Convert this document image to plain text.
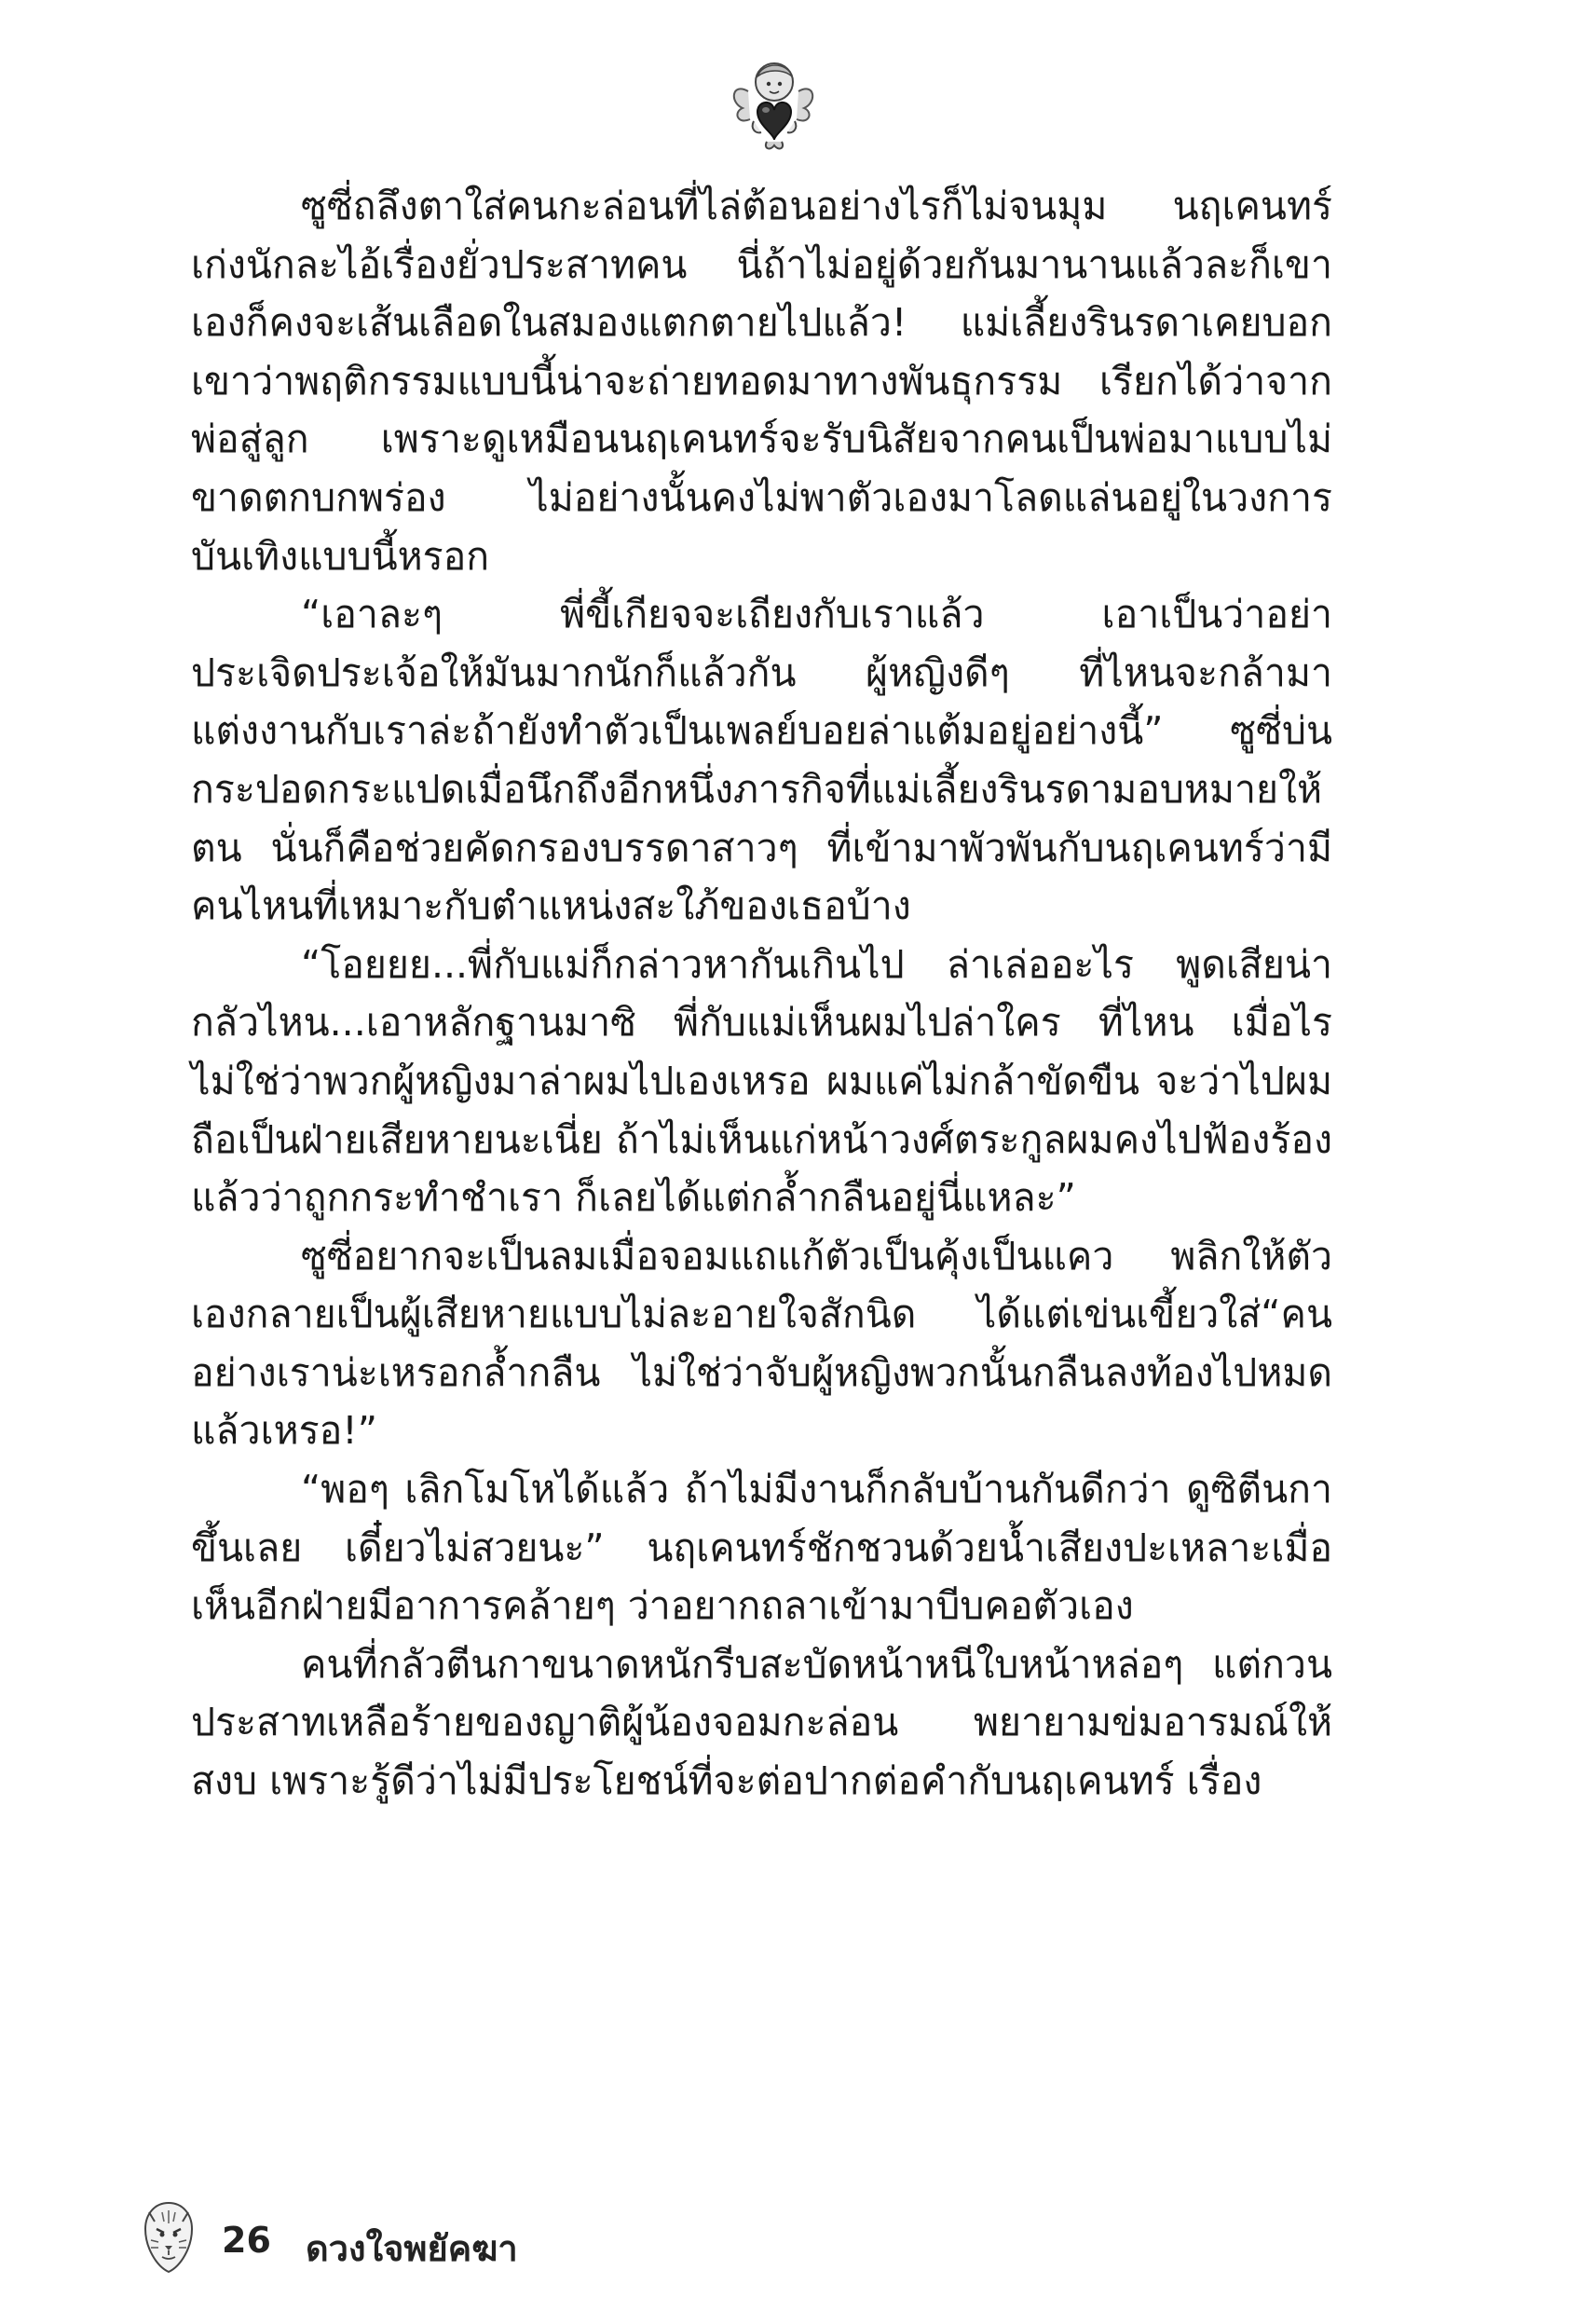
ซูซี่ถลึงตาใส่คนกะล่อนที่ไล่ต้อนอย่างไรก็ไม่จนมุม นฤเคนทร์เก่งนักละไอ้เรื่องยั่วประสาทคน นี่ถ้าไม่อยู่ด้วยกันมานานแล้วละก็เขาเองก็คงจะเส้นเลือดในสมองแตกตายไปแล้ว! แม่เลี้ยงรินรดาเคยบอกเขาว่าพฤติกรรมแบบนี้น่าจะถ่ายทอดมาทางพันธุกรรม เรียกได้ว่าจากพ่อสู่ลูก เพราะดูเหมือนนฤเคนทร์จะรับนิสัยจากคนเป็นพ่อมาแบบไม่ขาดตกบกพร่อง ไม่อย่างนั้นคงไม่พาตัวเองมาโลดแล่นอยู่ในวงการบันเทิงแบบนี้หรอก

“เอาละๆ พี่ขี้เกียจจะเถียงกับเราแล้ว เอาเป็นว่าอย่าประเจิดประเจ้อให้มันมากนักก็แล้วกัน ผู้หญิงดีๆ ที่ไหนจะกล้ามาแต่งงานกับเราล่ะถ้ายังทำตัวเป็นเพลย์บอยล่าแต้มอยู่อย่างนี้” ซูซี่บ่นกระปอดกระแปดเมื่อนึกถึงอีกหนึ่งภารกิจที่แม่เลี้ยงรินรดามอบหมายให้ตน นั่นก็คือช่วยคัดกรองบรรดาสาวๆ ที่เข้ามาพัวพันกับนฤเคนทร์ว่ามีคนไหนที่เหมาะกับตำแหน่งสะใภ้ของเธอบ้าง

“โอยยย...พี่กับแม่ก็กล่าวหากันเกินไป ล่าเล่ออะไร พูดเสียน่ากลัวไหน...เอาหลักฐานมาซิ พี่กับแม่เห็นผมไปล่าใคร ที่ไหน เมื่อไร ไม่ใช่ว่าพวกผู้หญิงมาล่าผมไปเองเหรอ ผมแค่ไม่กล้าขัดขืน จะว่าไปผมถือเป็นฝ่ายเสียหายนะเนี่ย ถ้าไม่เห็นแก่หน้าวงศ์ตระกูลผมคงไปฟ้องร้องแล้วว่าถูกกระทำชำเรา ก็เลยได้แต่กล้ำกลืนอยู่นี่แหละ”

ซูซี่อยากจะเป็นลมเมื่อจอมแถแก้ตัวเป็นคุ้งเป็นแคว พลิกให้ตัวเองกลายเป็นผู้เสียหายแบบไม่ละอายใจสักนิด ได้แต่เข่นเขี้ยวใส่“คนอย่างเราน่ะเหรอกล้ำกลืน ไม่ใช่ว่าจับผู้หญิงพวกนั้นกลืนลงท้องไปหมดแล้วเหรอ!”

“พอๆ เลิกโมโหได้แล้ว ถ้าไม่มีงานก็กลับบ้านกันดีกว่า ดูซิตีนกาขึ้นเลย เดี๋ยวไม่สวยนะ” นฤเคนทร์ชักชวนด้วยน้ำเสียงปะเหลาะเมื่อเห็นอีกฝ่ายมีอาการคล้ายๆ ว่าอยากถลาเข้ามาบีบคอตัวเอง

คนที่กลัวตีนกาขนาดหนักรีบสะบัดหน้าหนีใบหน้าหล่อๆ แต่กวนประสาทเหลือร้ายของญาติผู้น้องจอมกะล่อน พยายามข่มอารมณ์ให้สงบ เพราะรู้ดีว่าไม่มีประโยชน์ที่จะต่อปากต่อคำกับนฤเคนทร์ เรื่อง

26 ดวงใจพยัคฆา
